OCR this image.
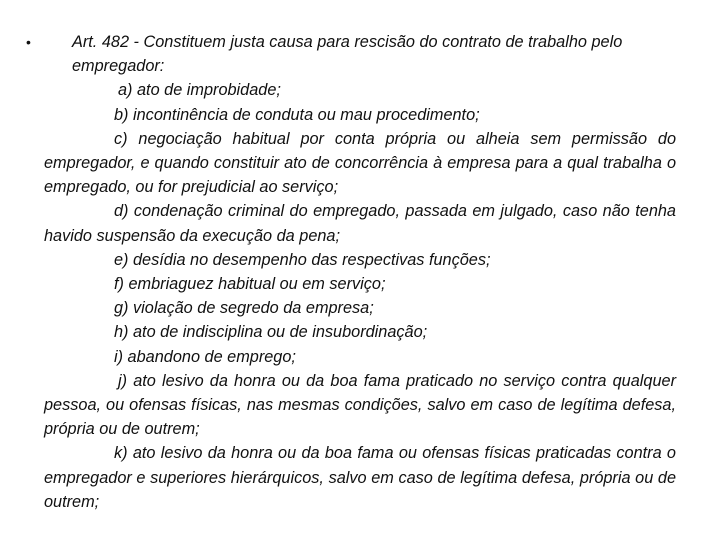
•	Art. 482 - Constituem justa causa para rescisão do contrato de trabalho pelo empregador:

a) ato de improbidade;

b) incontinência de conduta ou mau procedimento;

c) negociação habitual por conta própria ou alheia sem permissão do empregador, e quando constituir ato de concorrência à empresa para a qual trabalha o empregado, ou for prejudicial ao serviço;

d) condenação criminal do empregado, passada em julgado, caso não tenha havido suspensão da execução da pena;

e) desídia no desempenho das respectivas funções;

f) embriaguez habitual ou em serviço;

g) violação de segredo da empresa;

h) ato de indisciplina ou de insubordinação;

i) abandono de emprego;

j) ato lesivo da honra ou da boa fama praticado no serviço contra qualquer pessoa, ou ofensas físicas, nas mesmas condições, salvo em caso de legítima defesa, própria ou de outrem;

k) ato lesivo da honra ou da boa fama ou ofensas físicas praticadas contra o empregador e superiores hierárquicos, salvo em caso de legítima defesa, própria ou de outrem;
